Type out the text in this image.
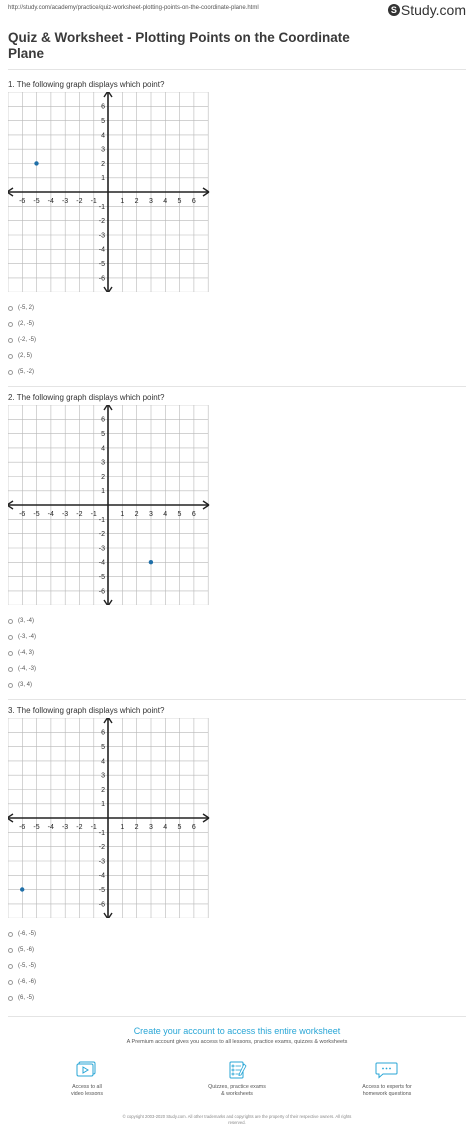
http://study.com/academy/practice/quiz-worksheet-plotting-points-on-the-coordinate-plane.html	S Study.com
Quiz & Worksheet - Plotting Points on the Coordinate Plane
1. The following graph displays which point?
-6 -5 -4 -3 -2 -1	1 2 3 4 5 6
6
5
4
3
2
1
-1
-2
-3
-4
-5
-6
(-5, 2)
(2, -5)
(-2, -5)
(2, 5)
(5, -2)
2. The following graph displays which point?
-6 -5 -4 -3 -2 -1	1 2 3 4 5 6
6
5
4
3
2
1
-1
-2
-3
-4
-5
-6
(3, -4)
(-3, -4)
(-4, 3)
(-4, -3)
(3, 4)
3. The following graph displays which point?
-6 -5 -4 -3 -2 -1	1 2 3 4 5 6
6
5
4
3
2
1
-1
-2
-3
-4
-5
-6
(-6, -5)
(5, -6)
(-5, -5)
(-6, -6)
(6, -5)
Create your account to access this entire worksheet
A Premium account gives you access to all lessons, practice exams, quizzes & worksheets
Access to all
video lessons
Quizzes, practice exams
& worksheets
Access to experts for
homework questions
© copyright 2003-2020 Study.com. All other trademarks and copyrights are the property of their respective owners. All rights
reserved.
